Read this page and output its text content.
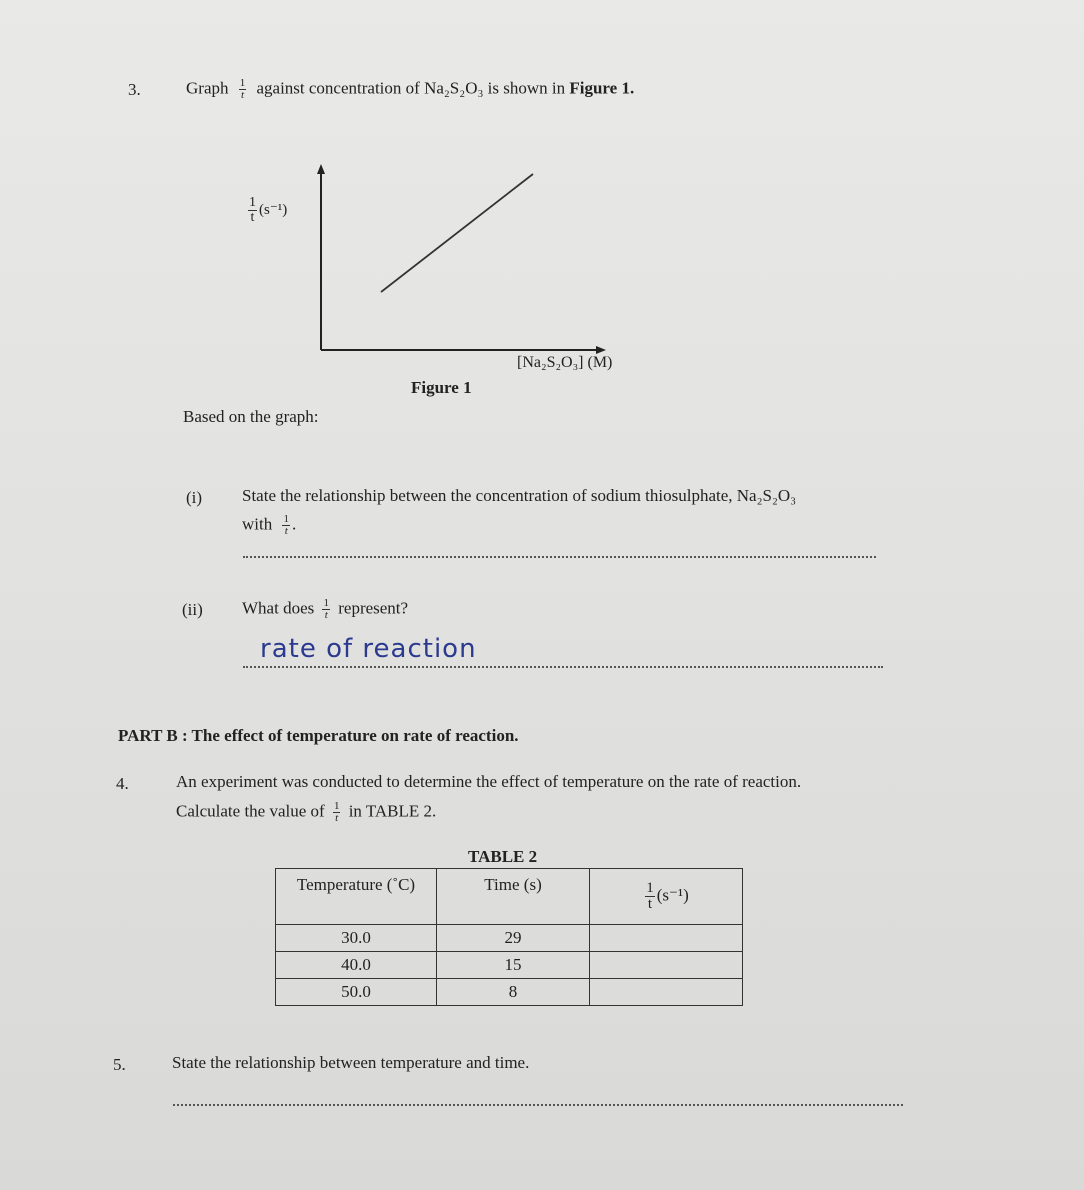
3.	Graph $\frac{1}{t}$ against concentration of Na₂S₂O₃ is shown in Figure 1.
$\frac{1}{t} (s^{-1})$
[Na₂S₂O₃] (M)
Figure 1
Based on the graph:
(i) State the relationship between the concentration of sodium thiosulphate, Na₂S₂O₃
with $\frac{1}{t}$ .
(ii) What does $\frac{1}{t}$ represent?
rate of reaction
PART B : The effect of temperature on rate of reaction.
4.	An experiment was conducted to determine the effect of temperature on the rate of reaction.
Calculate the value of $\frac{1}{t}$ in TABLE 2.
TABLE 2
Temperature (˚C)	Time (s)	$\frac{1}{t} (s^{-1})$
30.0	29	
40.0	15	
50.0	8	
5.	State the relationship between temperature and time.
